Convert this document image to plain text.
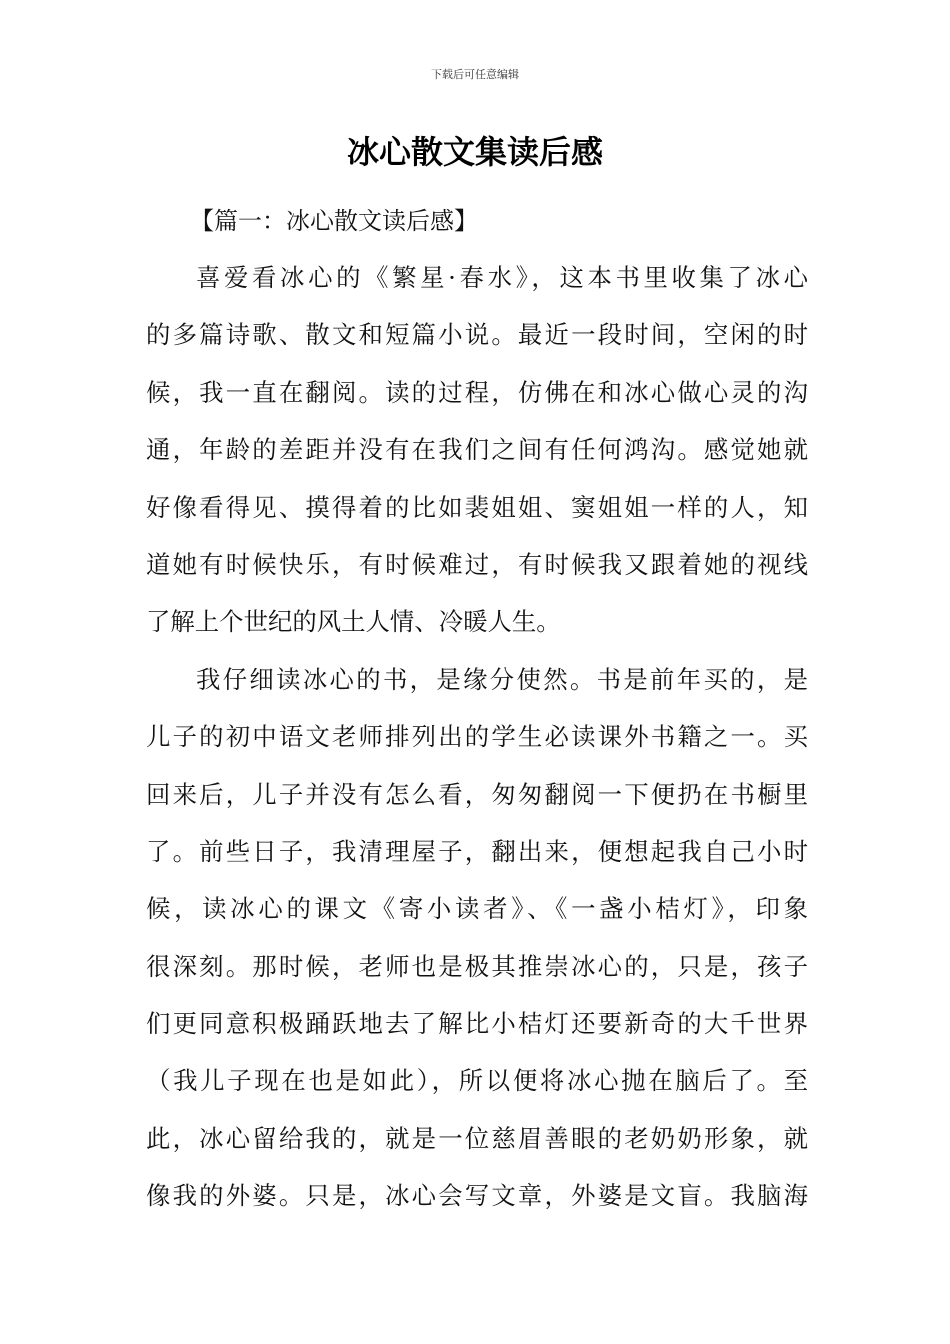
下载后可任意编辑
冰心散文集读后感
【篇一：冰心散文读后感】
喜爱看冰心的《繁星·春水》，这本书里收集了冰心
的多篇诗歌、散文和短篇小说。最近一段时间，空闲的时
候，我一直在翻阅。读的过程，仿佛在和冰心做心灵的沟
通，年龄的差距并没有在我们之间有任何鸿沟。感觉她就
好像看得见、摸得着的比如裴姐姐、窦姐姐一样的人，知
道她有时候快乐，有时候难过，有时候我又跟着她的视线
了解上个世纪的风土人情、冷暖人生。
我仔细读冰心的书，是缘分使然。书是前年买的，是
儿子的初中语文老师排列出的学生必读课外书籍之一。买
回来后，儿子并没有怎么看，匆匆翻阅一下便扔在书橱里
了。前些日子，我清理屋子，翻出来，便想起我自己小时
候，读冰心的课文《寄小读者》、《一盏小桔灯》，印象
很深刻。那时候，老师也是极其推崇冰心的，只是，孩子
们更同意积极踊跃地去了解比小桔灯还要新奇的大千世界
（我儿子现在也是如此），所以便将冰心抛在脑后了。至
此，冰心留给我的，就是一位慈眉善眼的老奶奶形象，就
像我的外婆。只是，冰心会写文章，外婆是文盲。我脑海
